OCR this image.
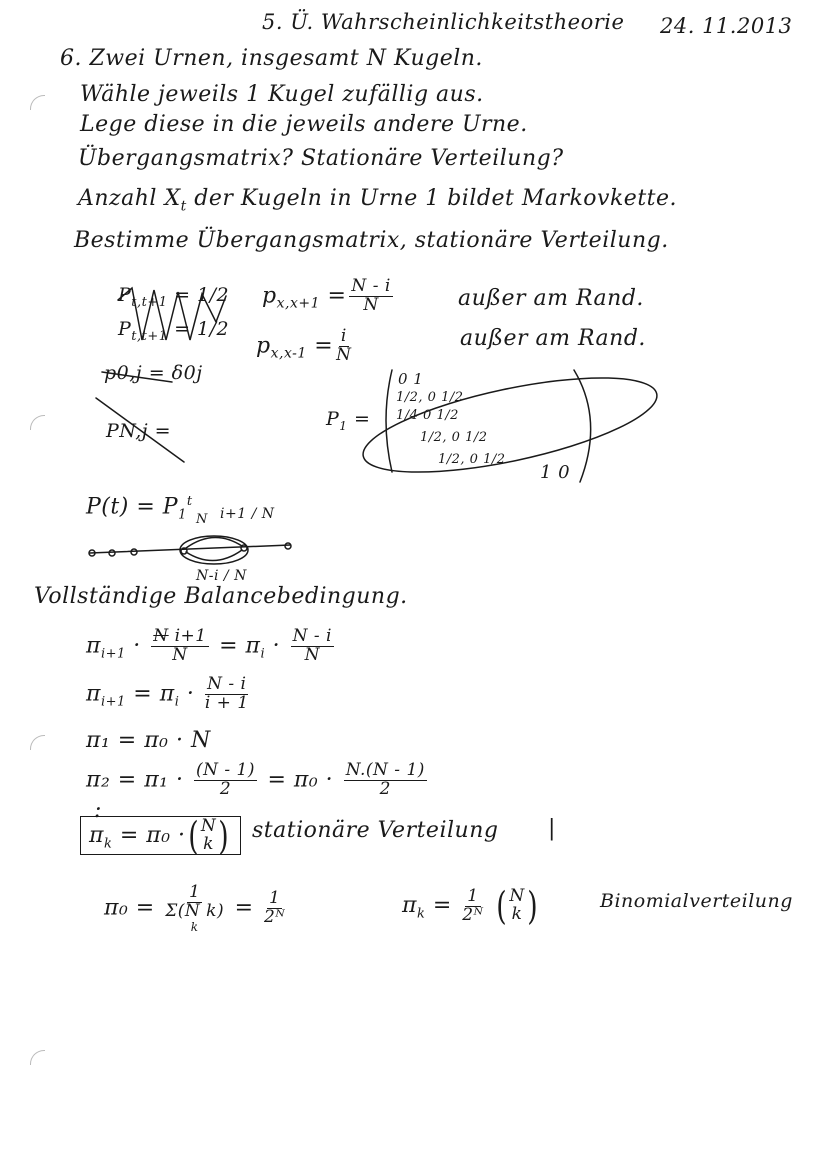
5. Ü. Wahrscheinlichkeitstheorie 24. 11.2013
6. Zwei Urnen, insgesamt N Kugeln.
Wähle jeweils 1 Kugel zufällig aus.
Lege diese in die jeweils andere Urne.
Übergangsmatrix? Stationäre Verteilung?
Anzahl $X_t$ der Kugeln in Urne 1 bildet Markovkette.
Bestimme Übergangsmatrix, stationäre Verteilung.
$P_{t,t+1} = 1/2$
$P_{t,t+1} = 1/2$
$p_{x,x+1} = \frac{N - i}{N}$	außer am Rand.
$p_{x,x-1} = \frac{i}{N}$	außer am Rand.
p0,j = δ0j
PN,j =
$P_1$ =
0 1
1/2, 0 1/2
1/4 0 1/2
1/2, 0 1/2
1/2, 0 1/2
1 0
$P(t) = P_1^t$
N i+1 / N
N-i / N
Vollständige Balancebedingung.
$\pi_{i+1} \cdot \frac{\text{N i+1}}{N} = \pi_i \cdot \frac{N - i}{N}$
$\pi_{i+1} = \pi_i \cdot \frac{N - i}{i + 1}$
π₁ = π₀ · N
$\pi_2 = \pi_1 \cdot \frac{(N - 1)}{2} = \pi_0 \cdot \frac{N.(N - 1)}{2}$
:
$\pi_k = \pi_0$ · ( N
k ) stationäre Verteilung |
π₀ =
1
Σ(N k)
k
= $\frac{1}{\text{2ᴺ}}$	$\pi_k = \frac{1}{\text{2ᴺ}}$
( N
k )	Binomialverteilung
